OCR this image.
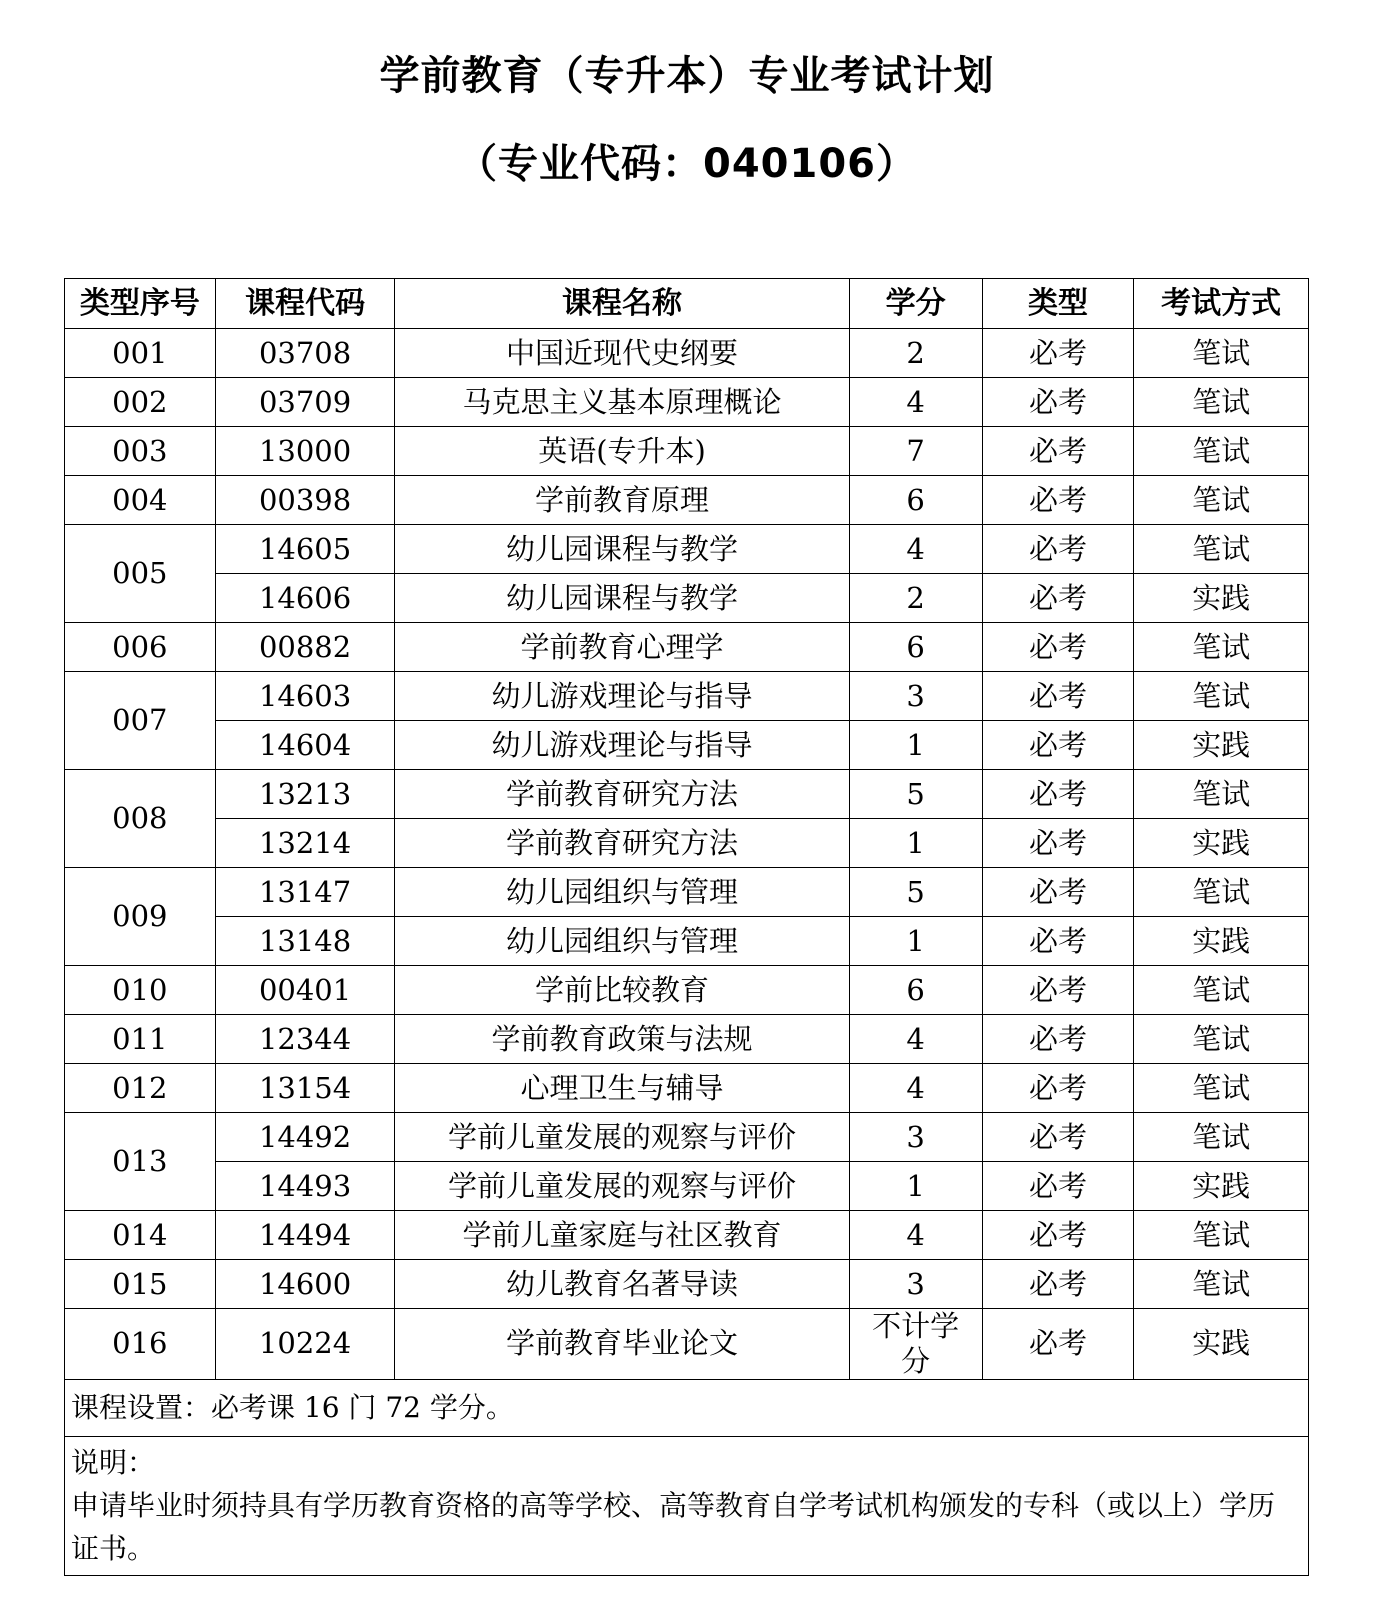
学前教育（专升本）专业考试计划
（专业代码：040106）
类型序号	课程代码	课程名称	学分	类型	考试方式
001	03708	中国近现代史纲要	2	必考	笔试
002	03709	马克思主义基本原理概论	4	必考	笔试
003	13000	英语(专升本)	7	必考	笔试
004	00398	学前教育原理	6	必考	笔试
005	14605	幼儿园课程与教学	4	必考	笔试
	14606	幼儿园课程与教学	2	必考	实践
006	00882	学前教育心理学	6	必考	笔试
007	14603	幼儿游戏理论与指导	3	必考	笔试
	14604	幼儿游戏理论与指导	1	必考	实践
008	13213	学前教育研究方法	5	必考	笔试
	13214	学前教育研究方法	1	必考	实践
009	13147	幼儿园组织与管理	5	必考	笔试
	13148	幼儿园组织与管理	1	必考	实践
010	00401	学前比较教育	6	必考	笔试
011	12344	学前教育政策与法规	4	必考	笔试
012	13154	心理卫生与辅导	4	必考	笔试
013	14492	学前儿童发展的观察与评价	3	必考	笔试
	14493	学前儿童发展的观察与评价	1	必考	实践
014	14494	学前儿童家庭与社区教育	4	必考	笔试
015	14600	幼儿教育名著导读	3	必考	笔试
016	10224	学前教育毕业论文	不计学分	必考	实践
课程设置：必考课 16 门 72 学分。					

说明：
申请毕业时须持具有学历教育资格的高等学校、高等教育自学考试机构颁发的专科（或以上）学历证书。					
